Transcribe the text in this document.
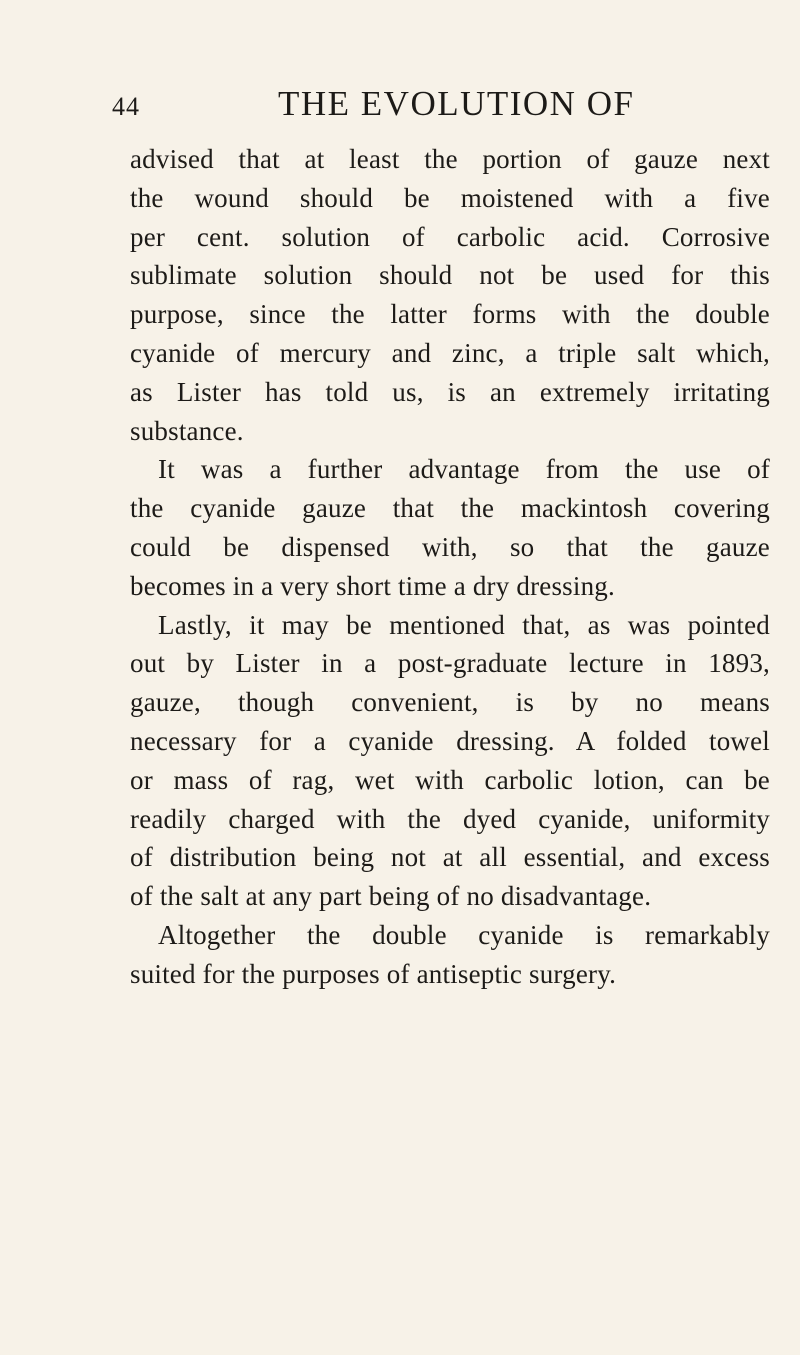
44	THE EVOLUTION OF
advised that at least the portion of gauze next
the wound should be moistened with a five
per cent. solution of carbolic acid. Corrosive
sublimate solution should not be used for this
purpose, since the latter forms with the double
cyanide of mercury and zinc, a triple salt which,
as Lister has told us, is an extremely irritating
substance.
It was a further advantage from the use of
the cyanide gauze that the mackintosh covering
could be dispensed with, so that the gauze
becomes in a very short time a dry dressing.
Lastly, it may be mentioned that, as was pointed
out by Lister in a post-graduate lecture in 1893,
gauze, though convenient, is by no means
necessary for a cyanide dressing. A folded towel
or mass of rag, wet with carbolic lotion, can be
readily charged with the dyed cyanide, uniformity
of distribution being not at all essential, and excess
of the salt at any part being of no disadvantage.
Altogether the double cyanide is remarkably
suited for the purposes of antiseptic surgery.
